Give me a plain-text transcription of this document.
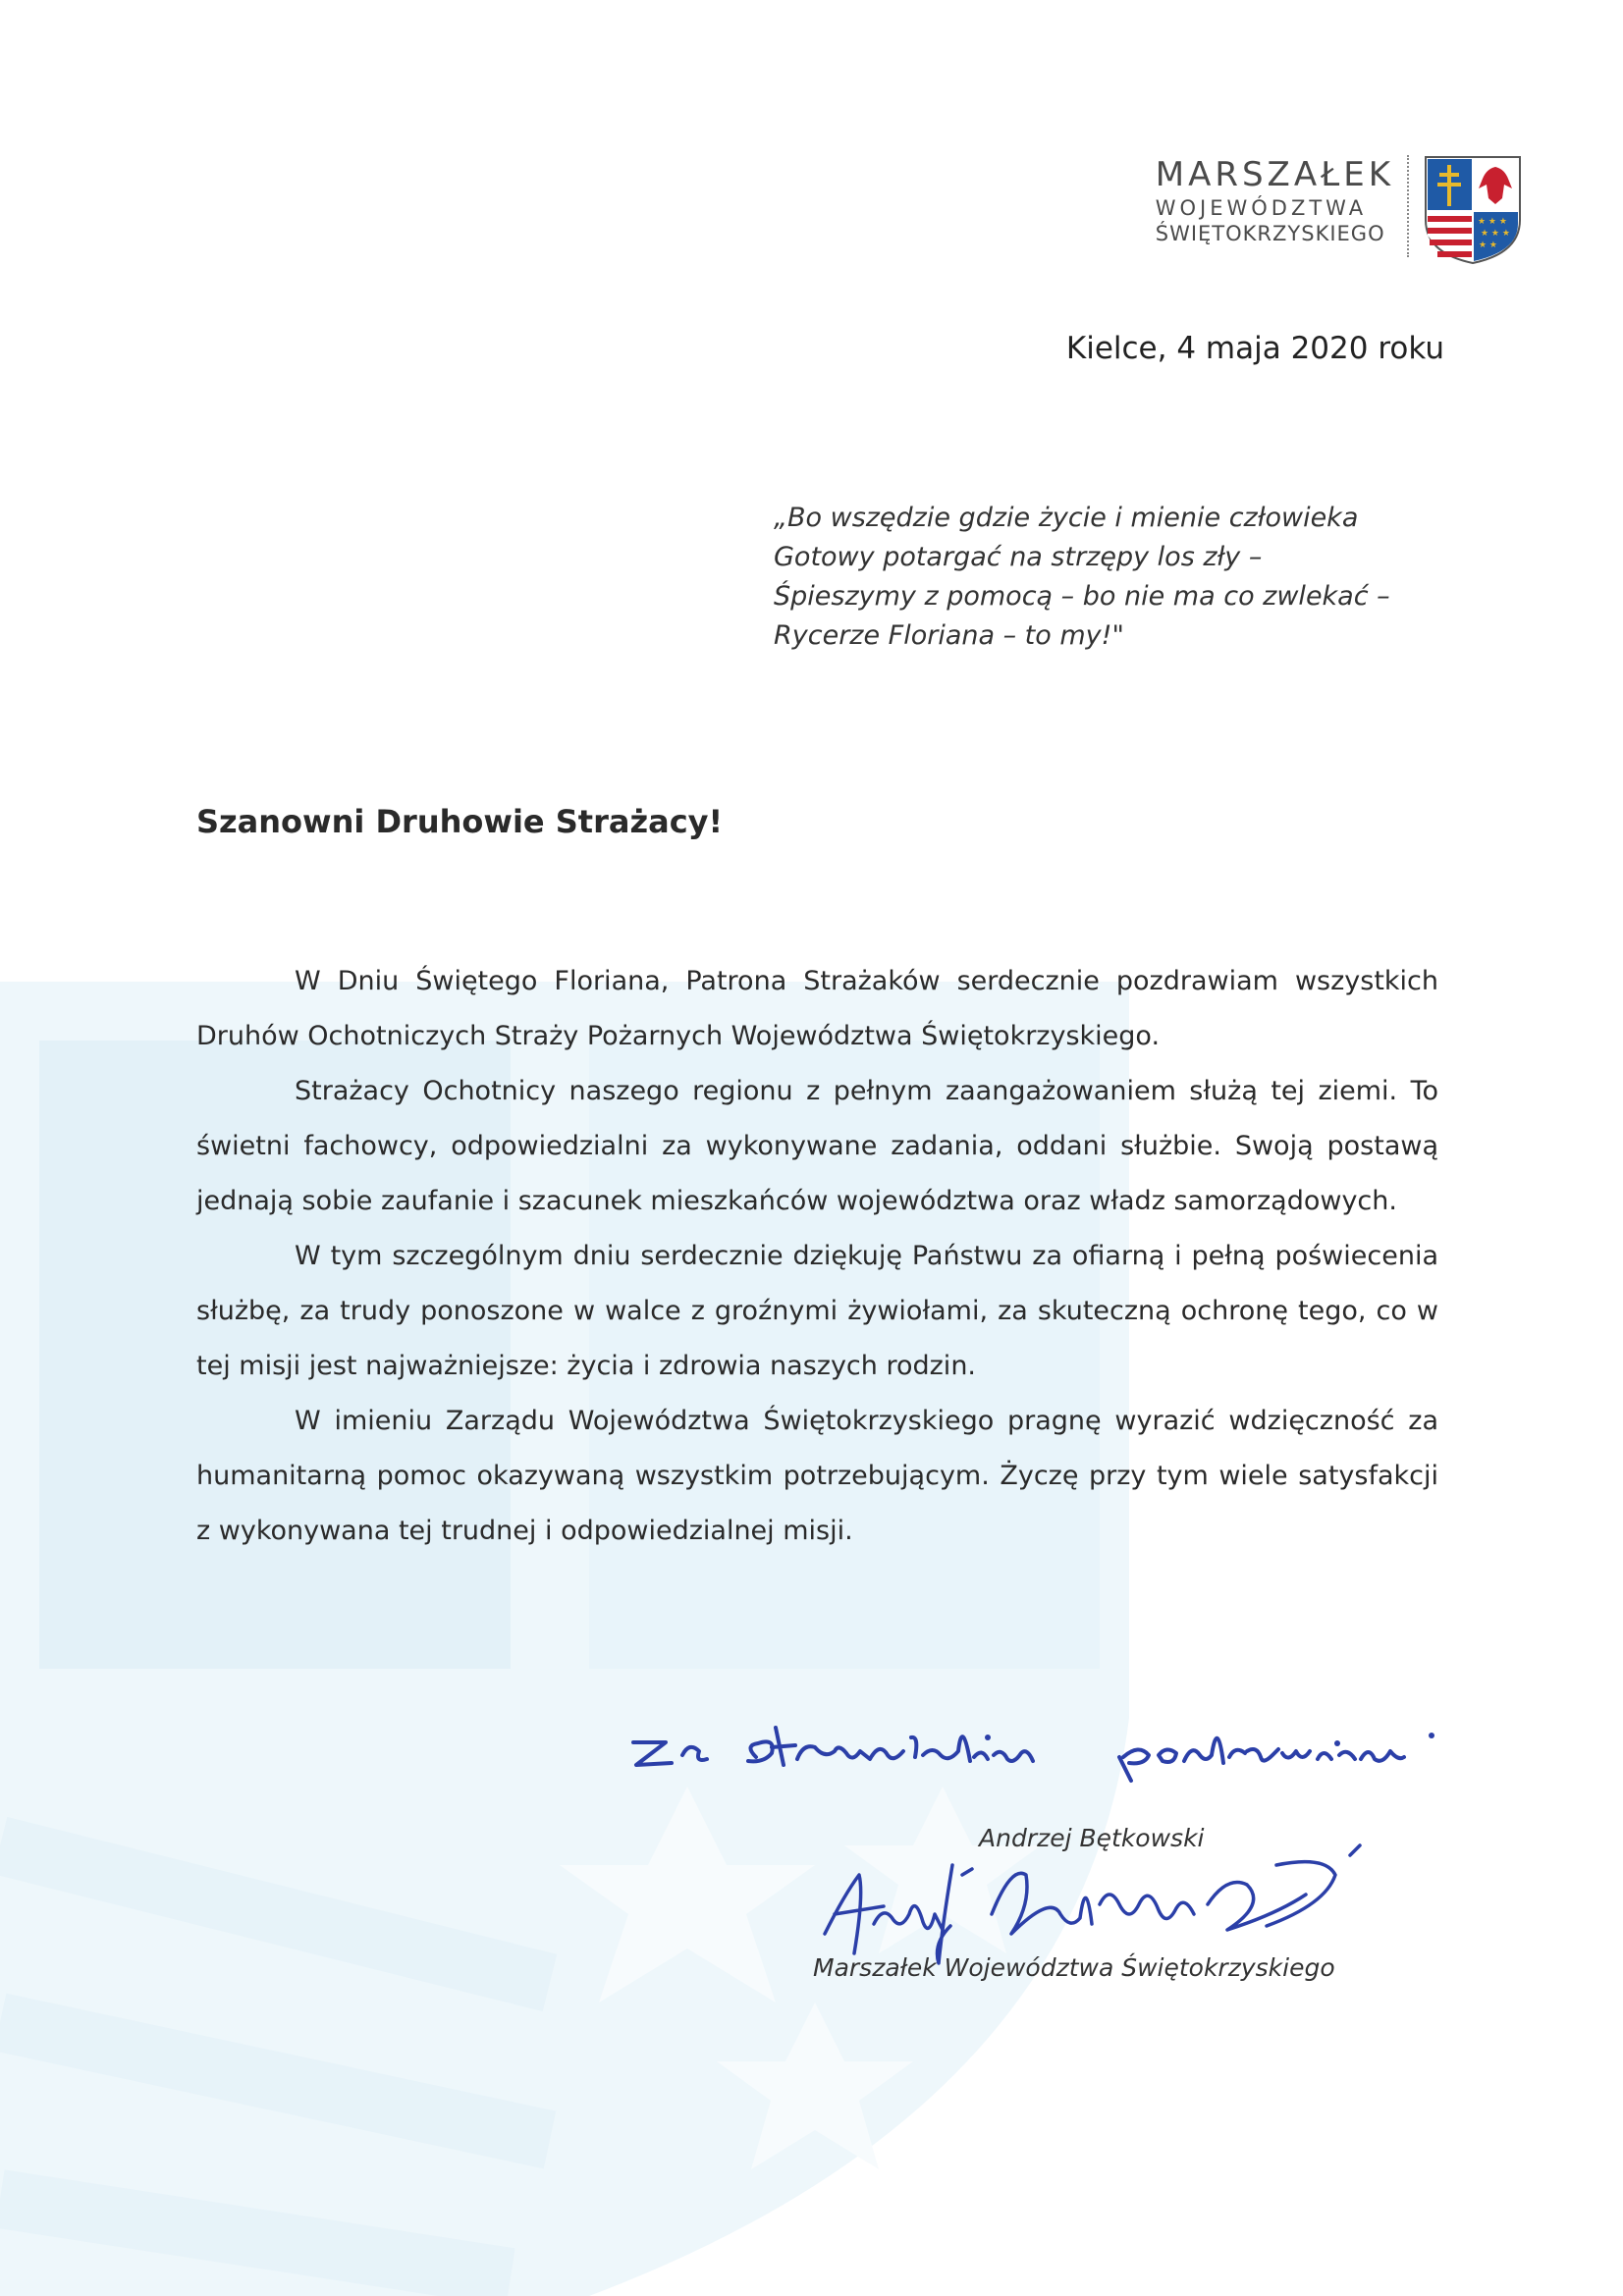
MARSZAŁEK
WOJEWÓDZTWA
ŚWIĘTOKRZYSKIEGO	★ ★ ★
★ ★ ★
★ ★
Kielce, 4 maja 2020 roku
„Bo wszędzie gdzie życie i mienie człowieka
Gotowy potargać na strzępy los zły –
Śpieszymy z pomocą – bo nie ma co zwlekać –
Rycerze Floriana – to my!"
Szanowni Druhowie Strażacy!

W Dniu Świętego Floriana, Patrona Strażaków serdecznie pozdrawiam wszystkich Druhów Ochotniczych Straży Pożarnych Województwa Świętokrzyskiego.

Strażacy Ochotnicy naszego regionu z pełnym zaangażowaniem służą tej ziemi. To świetni fachowcy, odpowiedzialni za wykonywane zadania, oddani służbie. Swoją postawą jednają sobie zaufanie i szacunek mieszkańców województwa oraz władz samorządowych.

W tym szczególnym dniu serdecznie dziękuję Państwu za ofiarną i pełną poświecenia służbę, za trudy ponoszone w walce z groźnymi żywiołami, za skuteczną ochronę tego, co w tej misji jest najważniejsze: życia i zdrowia naszych rodzin.

W imieniu Zarządu Województwa Świętokrzyskiego pragnę wyrazić wdzięczność za humanitarną pomoc okazywaną wszystkim potrzebującym. Życzę przy tym wiele satysfakcji z wykonywana tej trudnej i odpowiedzialnej misji.

Andrzej Bętkowski
Marszałek Województwa Świętokrzyskiego
